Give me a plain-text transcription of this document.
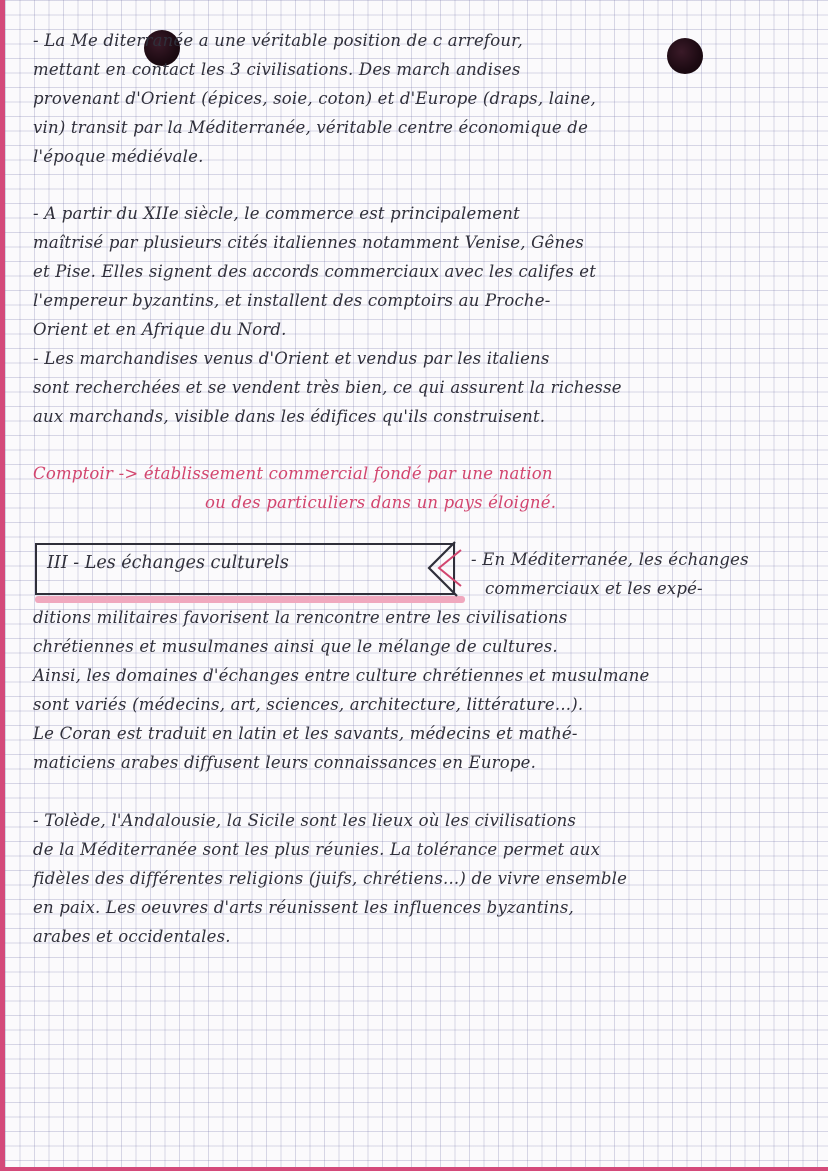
- La Me diterranée a une véritable position de c arrefour,
mettant en contact les 3 civilisations. Des march andises
provenant d'Orient (épices, soie, coton) et d'Europe (draps, laine,
vin) transit par la Méditerranée, véritable centre économique de
l'époque médiévale.
- A partir du XIIe siècle, le commerce est principalement
maîtrisé par plusieurs cités italiennes notamment Venise, Gênes
et Pise. Elles signent des accords commerciaux avec les califes et
l'empereur byzantins, et installent des comptoirs au Proche-
Orient et en Afrique du Nord.
- Les marchandises venus d'Orient et vendus par les italiens
sont recherchées et se vendent très bien, ce qui assurent la richesse
aux marchands, visible dans les édifices qu'ils construisent.
Comptoir -> établissement commercial fondé par une nation
ou des particuliers dans un pays éloigné.
III - Les échanges culturels	- En Méditerranée, les échanges
commerciaux et les expé-
ditions militaires favorisent la rencontre entre les civilisations
chrétiennes et musulmanes ainsi que le mélange de cultures.
Ainsi, les domaines d'échanges entre culture chrétiennes et musulmane
sont variés (médecins, art, sciences, architecture, littérature...).
Le Coran est traduit en latin et les savants, médecins et mathé-
maticiens arabes diffusent leurs connaissances en Europe.
- Tolède, l'Andalousie, la Sicile sont les lieux où les civilisations
de la Méditerranée sont les plus réunies. La tolérance permet aux
fidèles des différentes religions (juifs, chrétiens...) de vivre ensemble
en paix. Les oeuvres d'arts réunissent les influences byzantins,
arabes et occidentales.
